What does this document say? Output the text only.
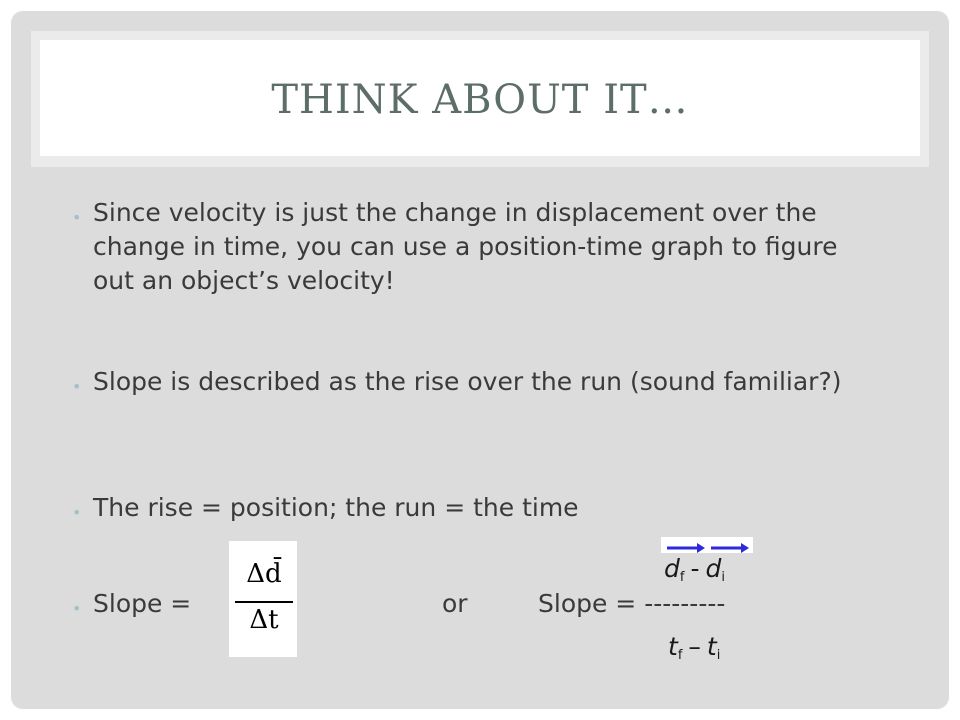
THINK ABOUT IT…
• Since velocity is just the change in displacement over the change in time, you can use a position-time graph to figure out an object’s velocity!
• Slope is described as the rise over the run (sound familiar?)
• The rise = position; the run = the time
• Slope =
Δd̄
Δt
or	Slope = ---------
$d_f - d_i$
$t_f - t_i$
